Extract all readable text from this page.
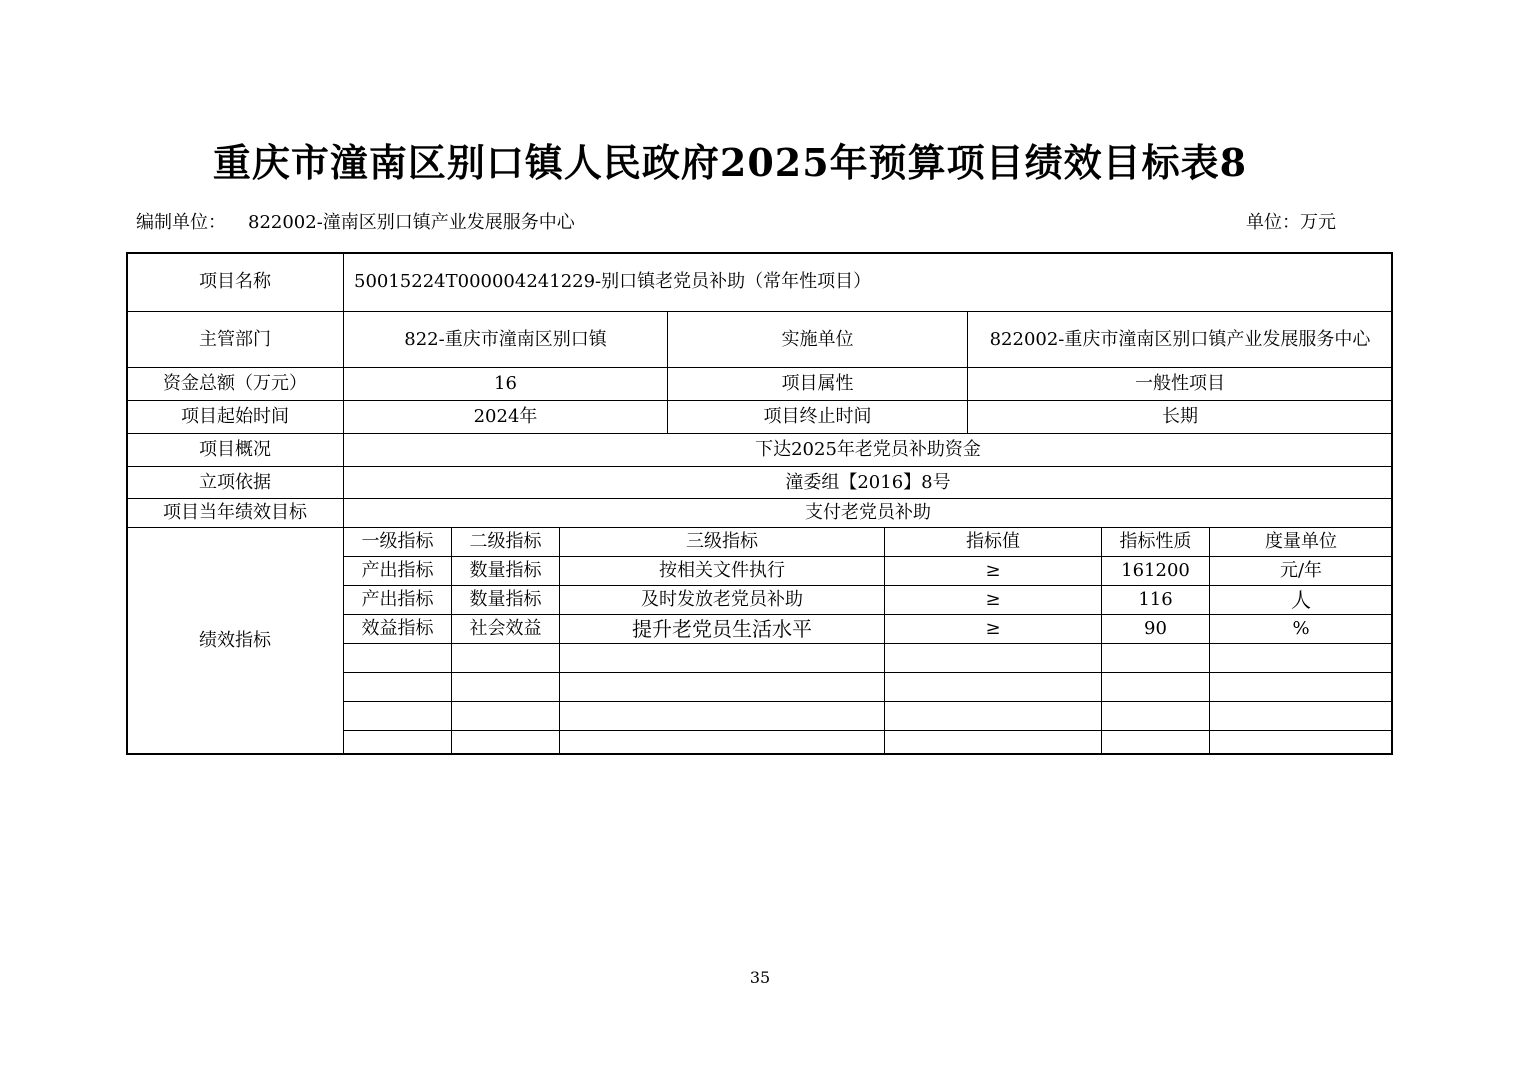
重庆市潼南区别口镇人民政府2025年预算项目绩效目标表8
编制单位： 822002-潼南区别口镇产业发展服务中心	单位：万元
项目名称	50015224T000004241229-别口镇老党员补助（常年性项目）
主管部门	822-重庆市潼南区别口镇	实施单位	822002-重庆市潼南区别口镇产业发展服务中心
资金总额（万元）	16	项目属性	一般性项目
项目起始时间	2024年	项目终止时间	长期
项目概况	下达2025年老党员补助资金
立项依据	潼委组【2016】8号
项目当年绩效目标	支付老党员补助
绩效指标
一级指标	二级指标	三级指标	指标值	指标性质	度量单位
产出指标	数量指标	按相关文件执行	≥	161200	元/年
产出指标	数量指标	及时发放老党员补助	≥	116	人
效益指标	社会效益	提升老党员生活水平	≥	90	%
35
